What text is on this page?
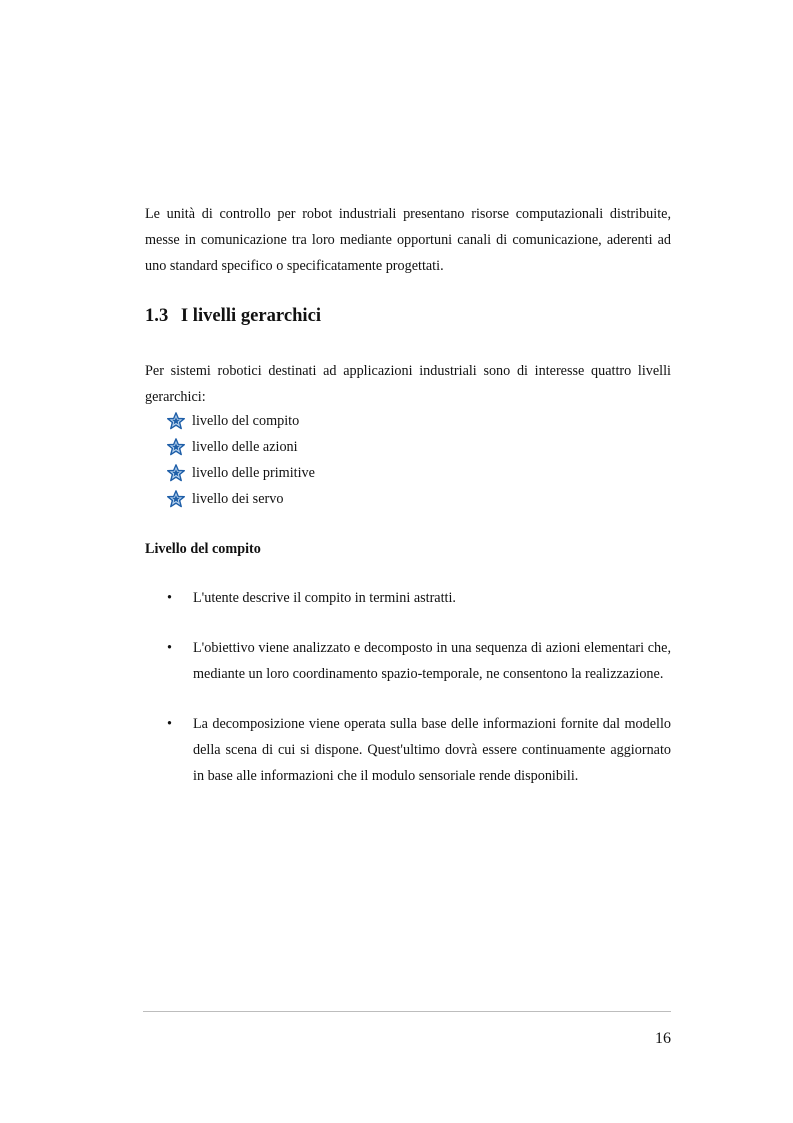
Le unità di controllo per robot industriali presentano risorse computazionali distribuite, messe in comunicazione tra loro mediante opportuni canali di comunicazione, aderenti ad uno standard specifico o specificatamente progettati.

1.3 I livelli gerarchici

Per sistemi robotici destinati ad applicazioni industriali sono di interesse quattro livelli gerarchici:

livello del compito
livello delle azioni
livello delle primitive
livello dei servo
Livello del compito
• L'utente descrive il compito in termini astratti.
• L'obiettivo viene analizzato e decomposto in una sequenza di azioni elementari che, mediante un loro coordinamento spazio-temporale, ne consentono la realizzazione.
• La decomposizione viene operata sulla base delle informazioni fornite dal modello della scena di cui si dispone. Quest'ultimo dovrà essere continuamente aggiornato in base alle informazioni che il modulo sensoriale rende disponibili.
16
